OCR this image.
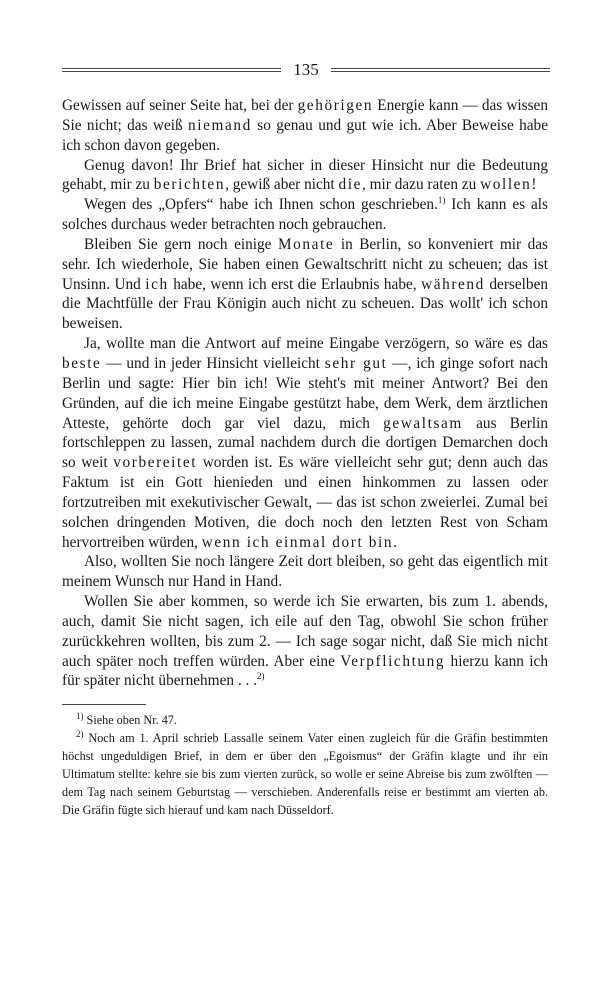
135

Gewissen auf seiner Seite hat, bei der gehörigen Energie kann — das wissen Sie nicht; das weiß niemand so genau und gut wie ich. Aber Beweise habe ich schon davon gegeben.

Genug davon! Ihr Brief hat sicher in dieser Hinsicht nur die Bedeutung gehabt, mir zu berichten, gewiß aber nicht die, mir dazu raten zu wollen!

Wegen des „Opfers“ habe ich Ihnen schon geschrieben.$^{1)}$ Ich kann es als solches durchaus weder betrachten noch gebrauchen.

Bleiben Sie gern noch einige Monate in Berlin, so konveniert mir das sehr. Ich wiederhole, Sie haben einen Gewaltschritt nicht zu scheuen; das ist Unsinn. Und ich habe, wenn ich erst die Erlaubnis habe, während derselben die Machtfülle der Frau Königin auch nicht zu scheuen. Das wollt' ich schon beweisen.

Ja, wollte man die Antwort auf meine Eingabe verzögern, so wäre es das beste — und in jeder Hinsicht vielleicht sehr gut —, ich ginge sofort nach Berlin und sagte: Hier bin ich! Wie steht's mit meiner Antwort? Bei den Gründen, auf die ich meine Eingabe gestützt habe, dem Werk, dem ärztlichen Atteste, gehörte doch gar viel dazu, mich gewaltsam aus Berlin fortschleppen zu lassen, zumal nachdem durch die dortigen Demarchen doch so weit vorbereitet worden ist. Es wäre vielleicht sehr gut; denn auch das Faktum ist ein Gott hienieden und einen hinkommen zu lassen oder fortzutreiben mit exekutivischer Gewalt, — das ist schon zweierlei. Zumal bei solchen dringenden Motiven, die doch noch den letzten Rest von Scham hervortreiben würden, wenn ich einmal dort bin.

Also, wollten Sie noch längere Zeit dort bleiben, so geht das eigentlich mit meinem Wunsch nur Hand in Hand.

Wollen Sie aber kommen, so werde ich Sie erwarten, bis zum 1. abends, auch, damit Sie nicht sagen, ich eile auf den Tag, obwohl Sie schon früher zurückkehren wollten, bis zum 2. — Ich sage sogar nicht, daß Sie mich nicht auch später noch treffen würden. Aber eine Verpflichtung hierzu kann ich für später nicht übernehmen . . .$^{2)}$

$^{1)}$ Siehe oben Nr. 47.

$^{2)}$ Noch am 1. April schrieb Lassalle seinem Vater einen zugleich für die Gräfin bestimmten höchst ungeduldigen Brief, in dem er über den „Egoismus“ der Gräfin klagte und ihr ein Ultimatum stellte: kehre sie bis zum vierten zurück, so wolle er seine Abreise bis zum zwölften — dem Tag nach seinem Geburtstag — verschieben. Anderenfalls reise er bestimmt am vierten ab. Die Gräfin fügte sich hierauf und kam nach Düsseldorf.
